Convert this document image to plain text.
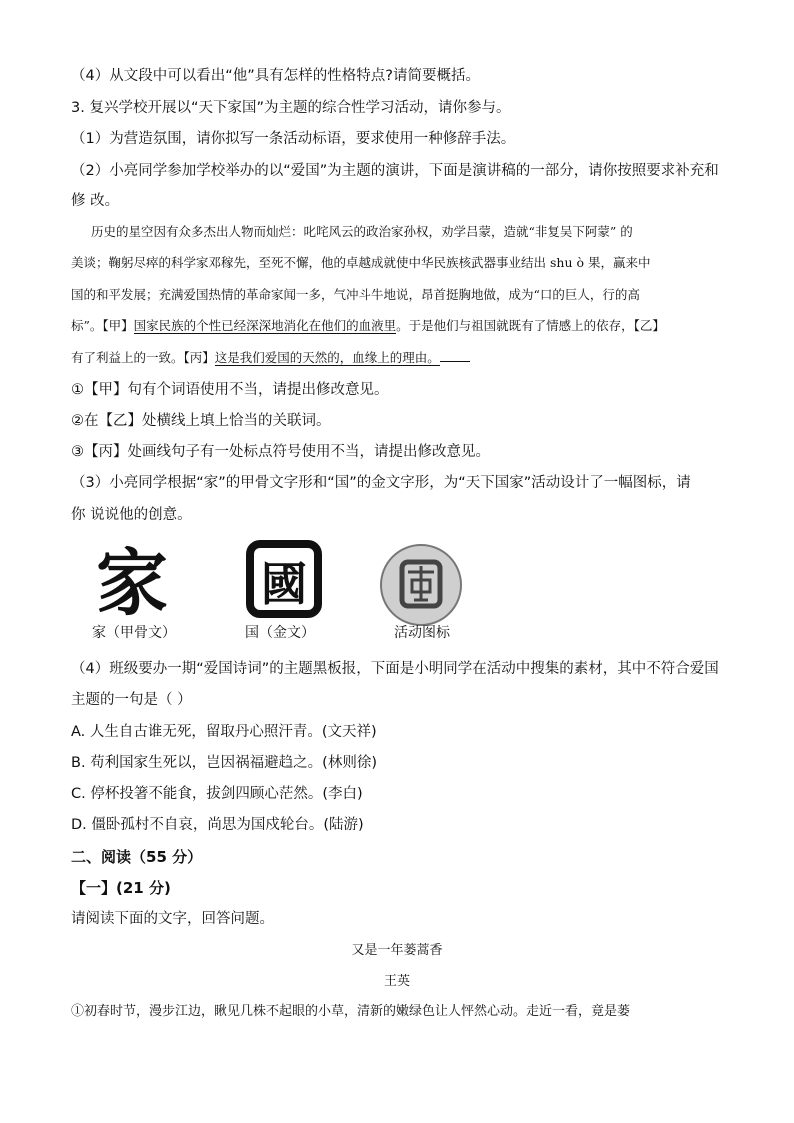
（4）从文段中可以看出“他”具有怎样的性格特点?请简要概括。
3. 复兴学校开展以“天下家国”为主题的综合性学习活动，请你参与。
（1）为营造氛围，请你拟写一条活动标语，要求使用一种修辞手法。
（2）小亮同学参加学校举办的以“爱国”为主题的演讲，下面是演讲稿的一部分，请你按照要求补充和
修 改。
历史的星空因有众多杰出人物而灿烂：叱咤风云的政治家孙权，劝学吕蒙，造就“非复吴下阿蒙” 的
美谈；鞠躬尽瘁的科学家邓稼先，至死不懈，他的卓越成就使中华民族核武器事业结出 shu ò 果，赢来中
国的和平发展；充满爱国热情的革命家闻一多，气冲斗牛地说，昂首挺胸地做，成为“口的巨人，行的高
标”。【甲】国家民族的个性已经深深地消化在他们的血液里。于是他们与祖国就既有了情感上的依存，【乙】
有了利益上的一致。【丙】这是我们爱国的天然的，血缘上的理由。
①【甲】句有个词语使用不当，请提出修改意见。
②在【乙】处横线上填上恰当的关联词。
③【丙】处画线句子有一处标点符号使用不当，请提出修改意见。
（3）小亮同学根据“家”的甲骨文字形和“国”的金文字形，为“天下国家”活动设计了一幅图标，请
你 说说他的创意。
家 國
家（甲骨文）	国（金文）	活动图标
（4）班级要办一期“爱国诗词”的主题黑板报，下面是小明同学在活动中搜集的素材，其中不符合爱国
主题的一句是（ ）
A. 人生自古谁无死，留取丹心照汗青。(文天祥)
B. 苟利国家生死以，岂因祸福避趋之。(林则徐)
C. 停杯投箸不能食，拔剑四顾心茫然。(李白)
D. 僵卧孤村不自哀，尚思为国戍轮台。(陆游)
二、阅读（55 分）
【一】(21 分)
请阅读下面的文字，回答问题。
又是一年蒌蒿香
王英
①初春时节，漫步江边，瞅见几株不起眼的小草，清新的嫩绿色让人怦然心动。走近一看，竟是蒌
